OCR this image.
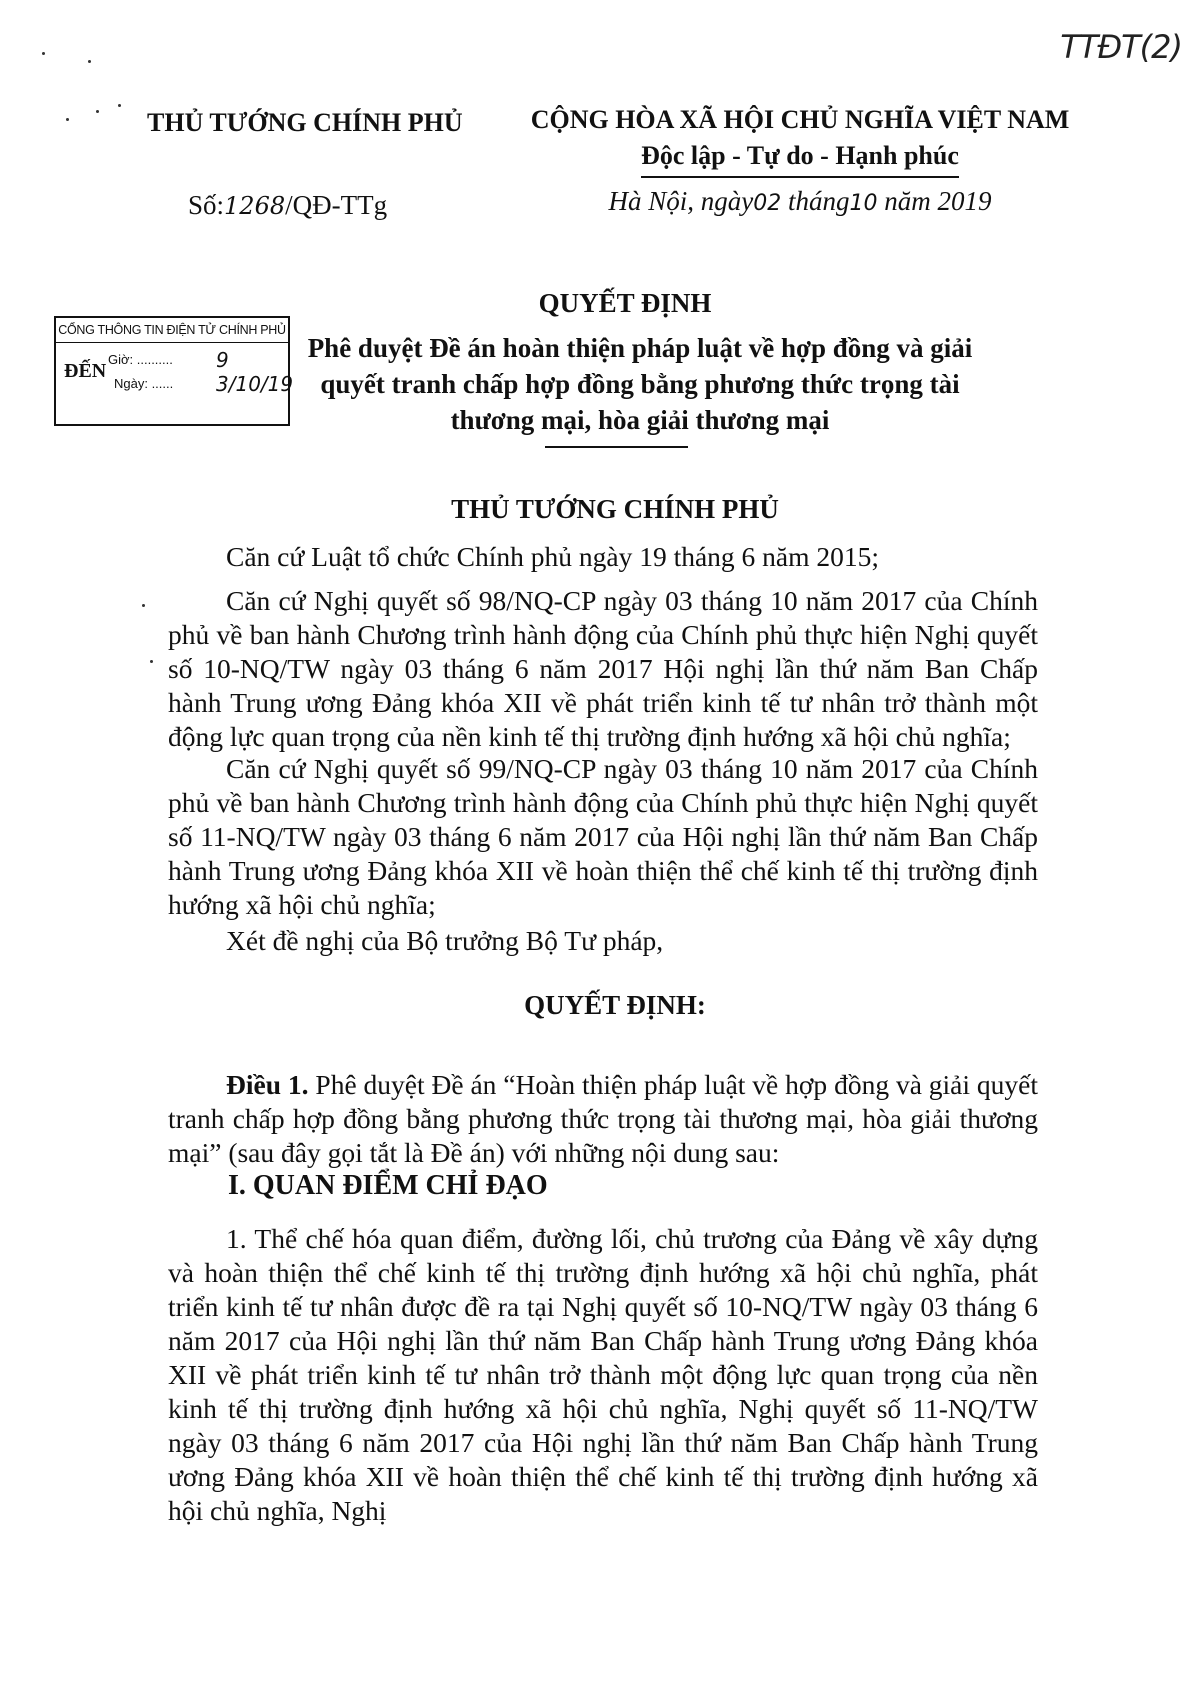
TTĐT(2)
THỦ TƯỚNG CHÍNH PHỦ	CỘNG HÒA XÃ HỘI CHỦ NGHĨA VIỆT NAM
Độc lập - Tự do - Hạnh phúc
Số:1268/QĐ-TTg	Hà Nội, ngày02 tháng10 năm 2019
CỔNG THÔNG TIN ĐIỆN TỬ CHÍNH PHỦ
ĐẾN
Giờ: .......... 9
Ngày: ...... 3/10/19
QUYẾT ĐỊNH
Phê duyệt Đề án hoàn thiện pháp luật về hợp đồng và giải quyết tranh chấp hợp đồng bằng phương thức trọng tài thương mại, hòa giải thương mại
THỦ TƯỚNG CHÍNH PHỦ
Căn cứ Luật tổ chức Chính phủ ngày 19 tháng 6 năm 2015;
Căn cứ Nghị quyết số 98/NQ-CP ngày 03 tháng 10 năm 2017 của Chính phủ về ban hành Chương trình hành động của Chính phủ thực hiện Nghị quyết số 10-NQ/TW ngày 03 tháng 6 năm 2017 Hội nghị lần thứ năm Ban Chấp hành Trung ương Đảng khóa XII về phát triển kinh tế tư nhân trở thành một động lực quan trọng của nền kinh tế thị trường định hướng xã hội chủ nghĩa;
Căn cứ Nghị quyết số 99/NQ-CP ngày 03 tháng 10 năm 2017 của Chính phủ về ban hành Chương trình hành động của Chính phủ thực hiện Nghị quyết số 11-NQ/TW ngày 03 tháng 6 năm 2017 của Hội nghị lần thứ năm Ban Chấp hành Trung ương Đảng khóa XII về hoàn thiện thể chế kinh tế thị trường định hướng xã hội chủ nghĩa;
Xét đề nghị của Bộ trưởng Bộ Tư pháp,
QUYẾT ĐỊNH:
Điều 1. Phê duyệt Đề án “Hoàn thiện pháp luật về hợp đồng và giải quyết tranh chấp hợp đồng bằng phương thức trọng tài thương mại, hòa giải thương mại” (sau đây gọi tắt là Đề án) với những nội dung sau:
I. QUAN ĐIỂM CHỈ ĐẠO
1. Thể chế hóa quan điểm, đường lối, chủ trương của Đảng về xây dựng và hoàn thiện thể chế kinh tế thị trường định hướng xã hội chủ nghĩa, phát triển kinh tế tư nhân được đề ra tại Nghị quyết số 10-NQ/TW ngày 03 tháng 6 năm 2017 của Hội nghị lần thứ năm Ban Chấp hành Trung ương Đảng khóa XII về phát triển kinh tế tư nhân trở thành một động lực quan trọng của nền kinh tế thị trường định hướng xã hội chủ nghĩa, Nghị quyết số 11-NQ/TW ngày 03 tháng 6 năm 2017 của Hội nghị lần thứ năm Ban Chấp hành Trung ương Đảng khóa XII về hoàn thiện thể chế kinh tế thị trường định hướng xã hội chủ nghĩa, Nghị
